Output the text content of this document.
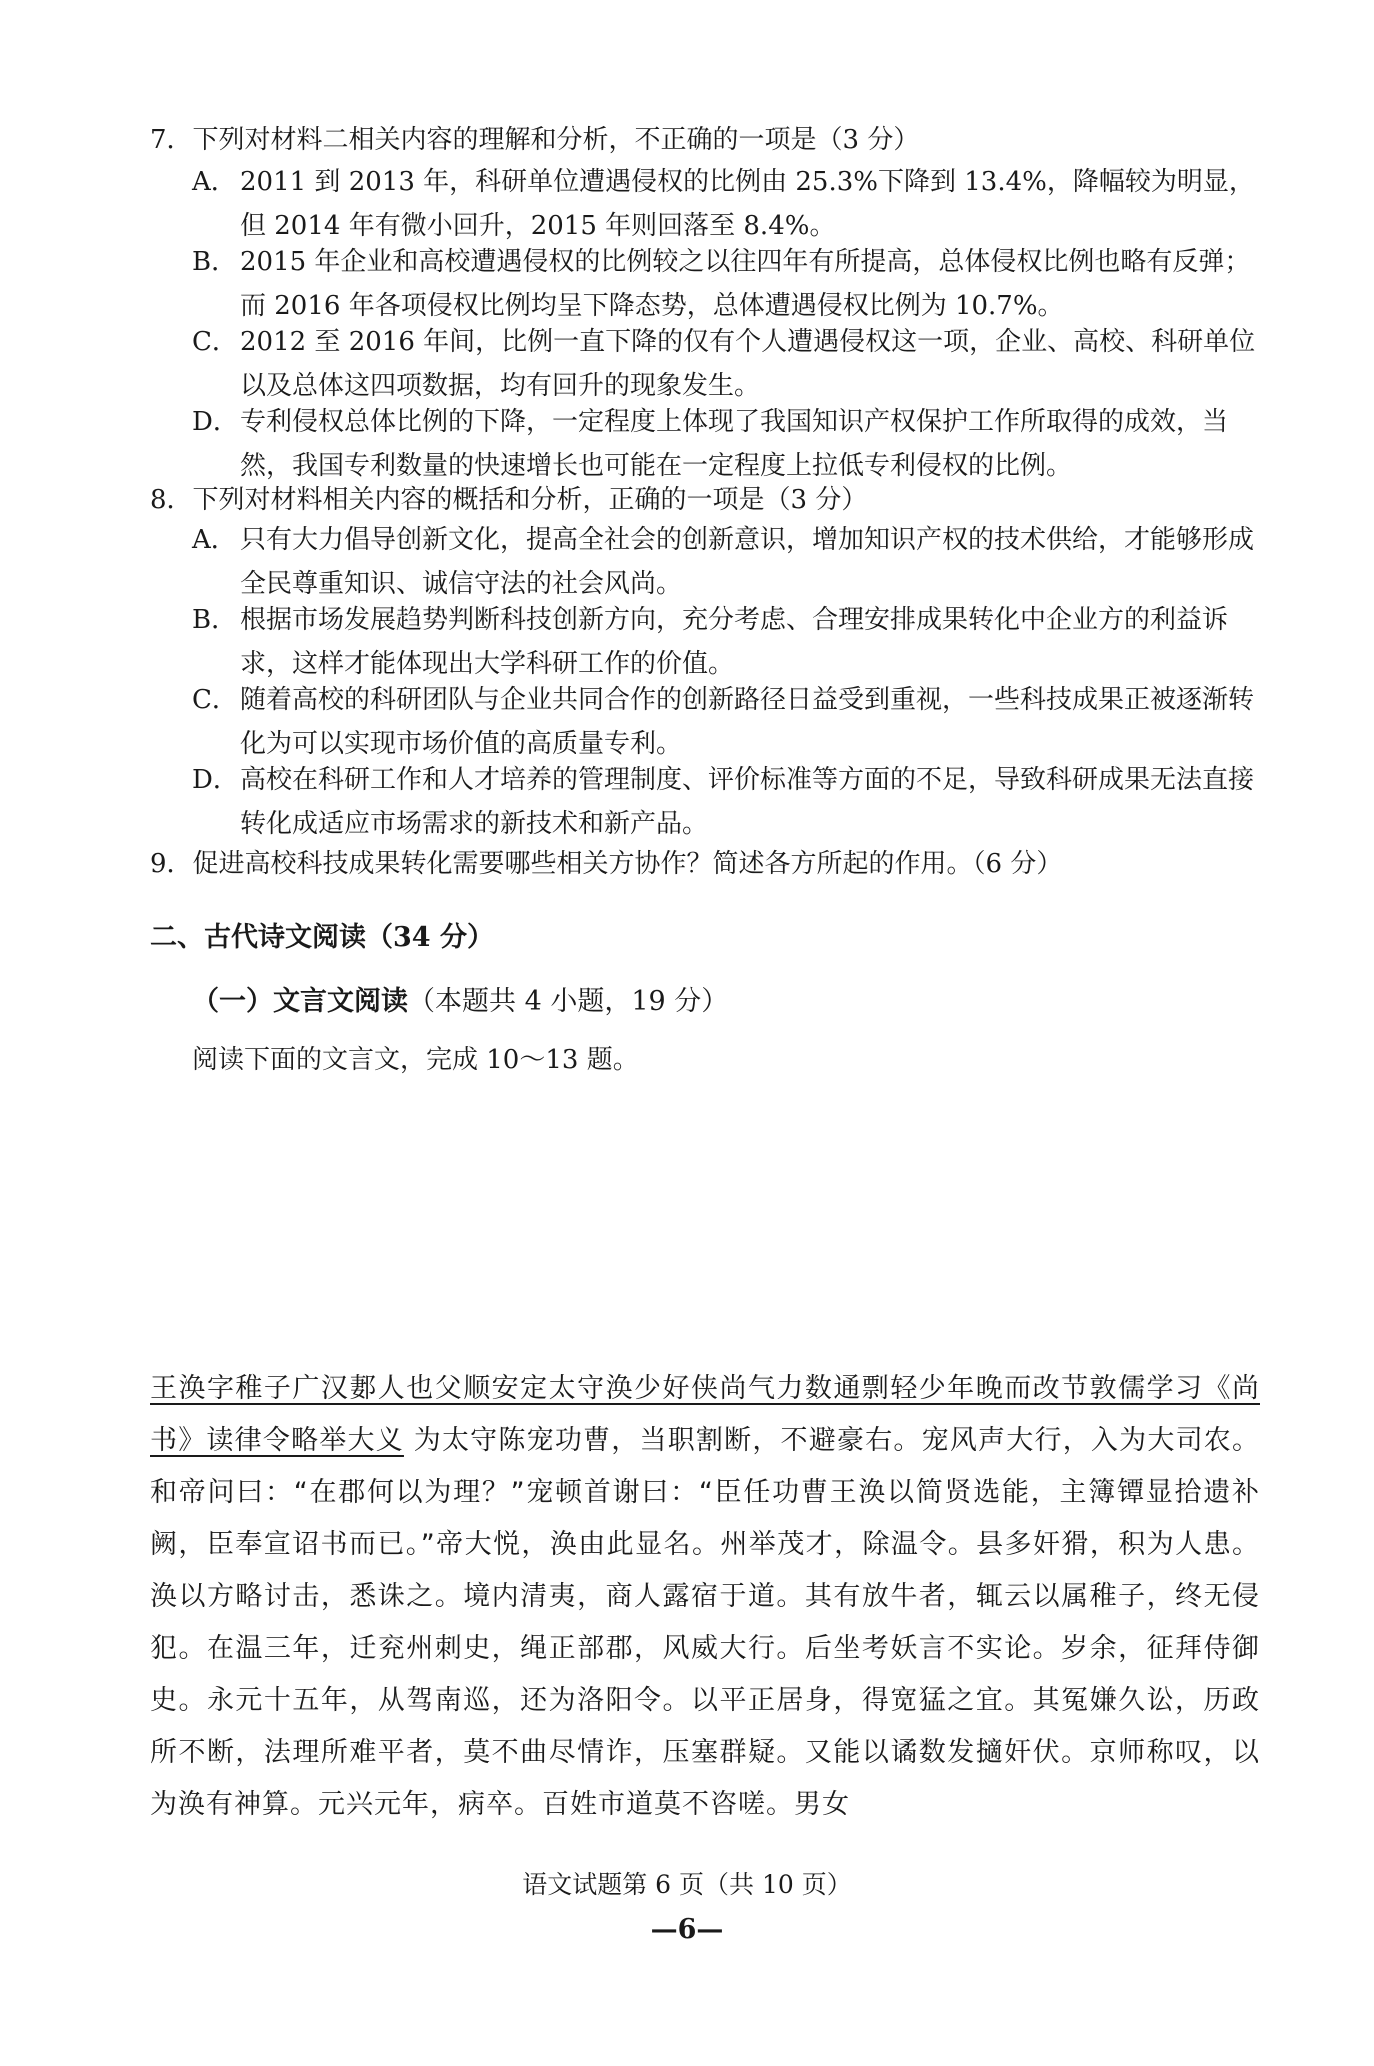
7．下列对材料二相关内容的理解和分析，不正确的一项是（3 分）

A． 2011 到 2013 年，科研单位遭遇侵权的比例由 25.3%下降到 13.4%，降幅较为明显，但 2014 年有微小回升，2015 年则回落至 8.4%。
B． 2015 年企业和高校遭遇侵权的比例较之以往四年有所提高，总体侵权比例也略有反弹；而 2016 年各项侵权比例均呈下降态势，总体遭遇侵权比例为 10.7%。
C． 2012 至 2016 年间，比例一直下降的仅有个人遭遇侵权这一项，企业、高校、科研单位以及总体这四项数据，均有回升的现象发生。
D． 专利侵权总体比例的下降，一定程度上体现了我国知识产权保护工作所取得的成效，当然，我国专利数量的快速增长也可能在一定程度上拉低专利侵权的比例。

8．下列对材料相关内容的概括和分析，正确的一项是（3 分）

A． 只有大力倡导创新文化，提高全社会的创新意识，增加知识产权的技术供给，才能够形成全民尊重知识、诚信守法的社会风尚。
B． 根据市场发展趋势判断科技创新方向，充分考虑、合理安排成果转化中企业方的利益诉求，这样才能体现出大学科研工作的价值。
C． 随着高校的科研团队与企业共同合作的创新路径日益受到重视，一些科技成果正被逐渐转化为可以实现市场价值的高质量专利。
D． 高校在科研工作和人才培养的管理制度、评价标准等方面的不足，导致科研成果无法直接转化成适应市场需求的新技术和新产品。

9．促进高校科技成果转化需要哪些相关方协作？简述各方所起的作用。（6 分）

二、古代诗文阅读（34 分）

（一）文言文阅读（本题共 4 小题，19 分）

阅读下面的文言文，完成 10～13 题。

王涣字稚子广汉郪人也父顺安定太守涣少好侠尚气力数通剽轻少年晚而改节敦儒学习《尚书》读律令略举大义 为太守陈宠功曹，当职割断，不避豪右。宠风声大行，入为大司农。和帝问曰：“在郡何以为理？”宠顿首谢曰：“臣任功曹王涣以简贤选能，主簿镡显拾遗补阙，臣奉宣诏书而已。”帝大悦，涣由此显名。州举茂才，除温令。县多奸猾，积为人患。涣以方略讨击，悉诛之。境内清夷，商人露宿于道。其有放牛者，辄云以属稚子，终无侵犯。在温三年，迁兖州刺史，绳正部郡，风威大行。后坐考妖言不实论。岁余，征拜侍御史。永元十五年，从驾南巡，还为洛阳令。以平正居身，得宽猛之宜。其冤嫌久讼，历政所不断，法理所难平者，莫不曲尽情诈，压塞群疑。又能以谲数发擿奸伏。京师称叹，以为涣有神算。元兴元年，病卒。百姓市道莫不咨嗟。男女

语文试题第 6 页（共 10 页）

—6—
